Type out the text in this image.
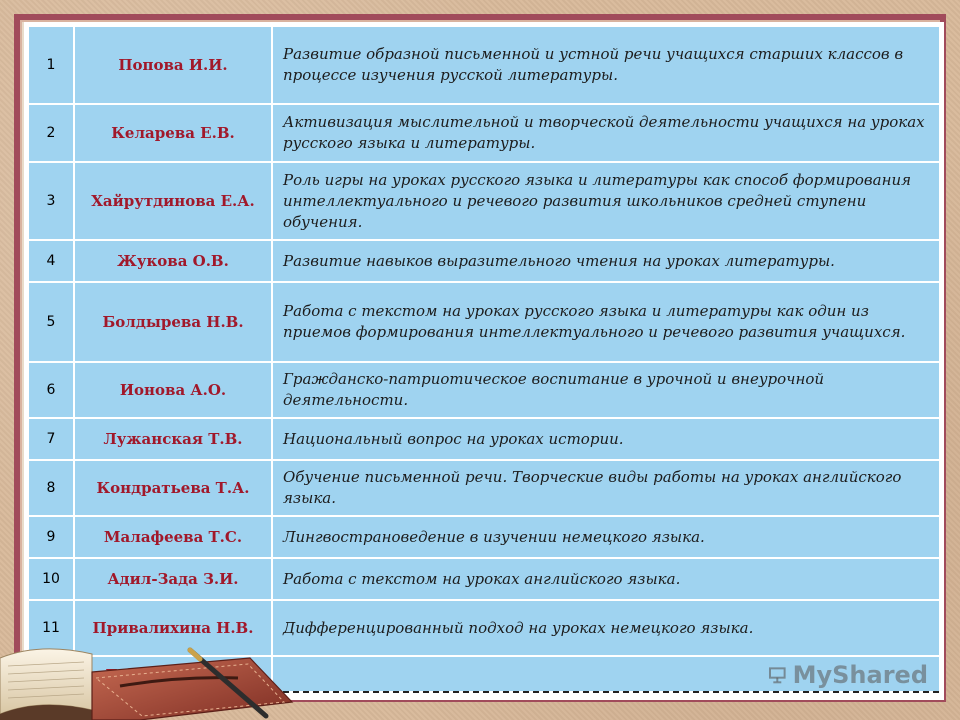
1	Попова И.И.	Развитие образной письменной и устной речи учащихся старших классов в процессе изучения русской литературы.
2	Келарева Е.В.	Активизация мыслительной и творческой деятельности учащихся на уроках русского языка и литературы.
3	Хайрутдинова Е.А.	Роль игры на уроках русского языка и литературы как способ формирования интеллектуального и речевого развития школьников средней ступени обучения.
4	Жукова О.В.	Развитие навыков выразительного чтения на уроках литературы.
5	Болдырева Н.В.	Работа с текстом на уроках русского языка и литературы как один из приемов формирования интеллектуального и речевого развития учащихся.
6	Ионова А.О.	Гражданско-патриотическое воспитание в урочной и внеурочной деятельности.
7	Лужанская Т.В.	Национальный вопрос на уроках истории.
8	Кондратьева Т.А.	Обучение письменной речи. Творческие виды работы на уроках английского языка.
9	Малафеева Т.С.	Лингвострановедение в изучении немецкого языка.
10	Адил-Зада З.И.	Работа с текстом на уроках английского языка.
11	Привалихина Н.В.	Дифференцированный подход на уроках немецкого языка.

MyShared
